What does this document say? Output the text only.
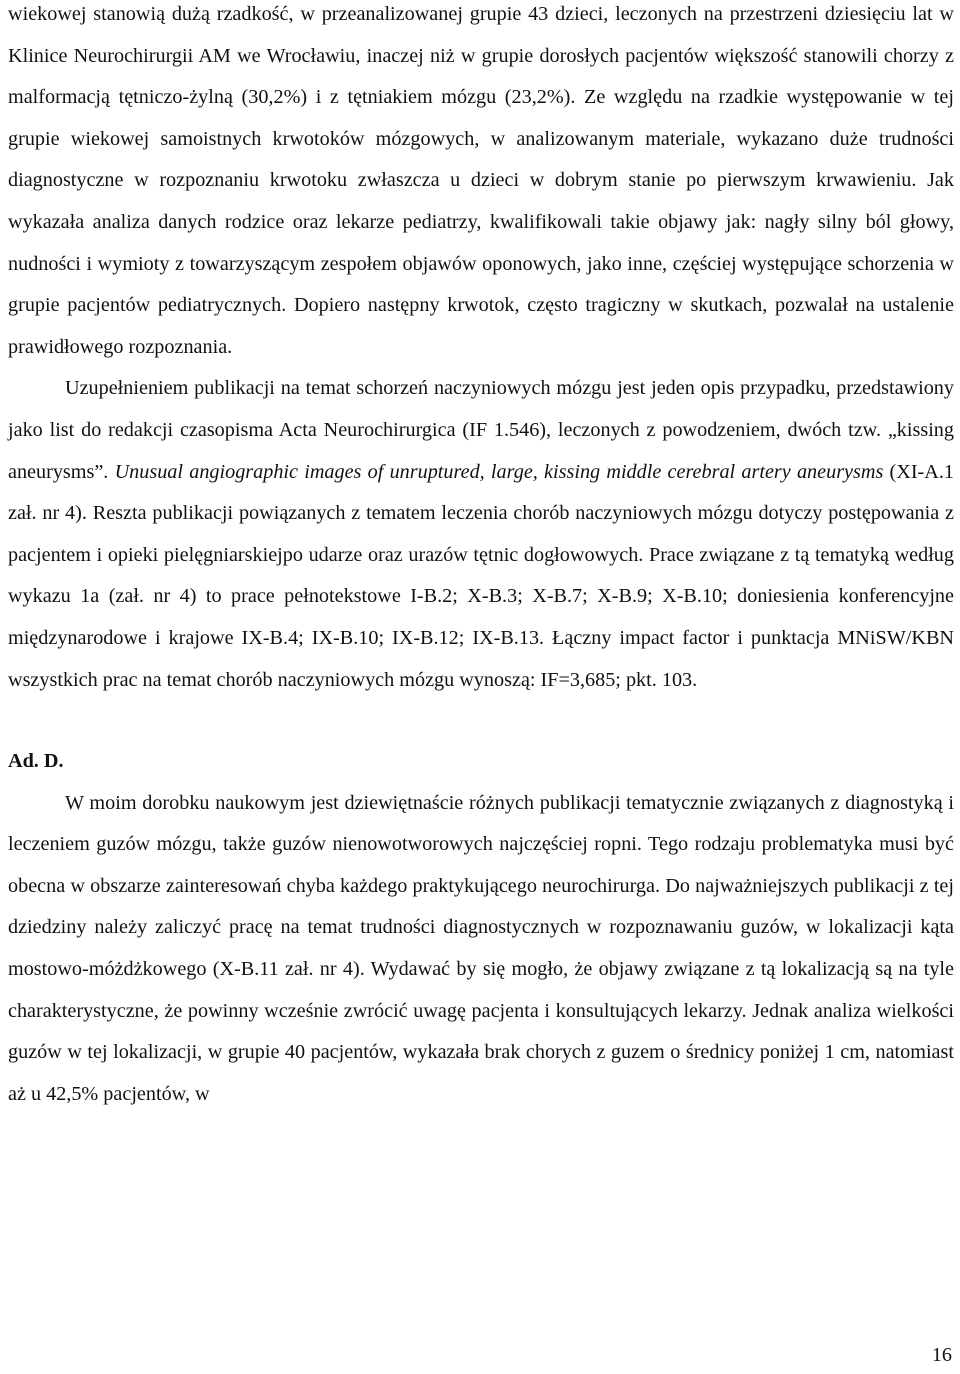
wiekowej stanowią dużą rzadkość, w przeanalizowanej grupie 43 dzieci, leczonych na przestrzeni dziesięciu lat w Klinice Neurochirurgii AM we Wrocławiu, inaczej niż w grupie dorosłych pacjentów większość stanowili chorzy z malformacją tętniczo-żylną (30,2%) i z tętniakiem mózgu (23,2%). Ze względu na rzadkie występowanie w tej grupie wiekowej samoistnych krwotoków mózgowych, w analizowanym materiale, wykazano duże trudności diagnostyczne w rozpoznaniu krwotoku zwłaszcza u dzieci w dobrym stanie po pierwszym krwawieniu. Jak wykazała analiza danych rodzice oraz lekarze pediatrzy, kwalifikowali takie objawy jak: nagły silny ból głowy, nudności i wymioty z towarzyszącym zespołem objawów oponowych, jako inne, częściej występujące schorzenia w grupie pacjentów pediatrycznych. Dopiero następny krwotok, często tragiczny w skutkach, pozwalał na ustalenie prawidłowego rozpoznania.

Uzupełnieniem publikacji na temat schorzeń naczyniowych mózgu jest jeden opis przypadku, przedstawiony jako list do redakcji czasopisma Acta Neurochirurgica (IF 1.546), leczonych z powodzeniem, dwóch tzw. „kissing aneurysms”. Unusual angiographic images of unruptured, large, kissing middle cerebral artery aneurysms (XI-A.1 zał. nr 4). Reszta publikacji powiązanych z tematem leczenia chorób naczyniowych mózgu dotyczy postępowania z pacjentem i opieki pielęgniarskiejpo udarze oraz urazów tętnic dogłowowych. Prace związane z tą tematyką według wykazu 1a (zał. nr 4) to prace pełnotekstowe I-B.2; X-B.3; X-B.7; X-B.9; X-B.10; doniesienia konferencyjne międzynarodowe i krajowe IX-B.4; IX-B.10; IX-B.12; IX-B.13. Łączny impact factor i punktacja MNiSW/KBN wszystkich prac na temat chorób naczyniowych mózgu wynoszą: IF=3,685; pkt. 103.

Ad. D.

W moim dorobku naukowym jest dziewiętnaście różnych publikacji tematycznie związanych z diagnostyką i leczeniem guzów mózgu, także guzów nienowotworowych najczęściej ropni. Tego rodzaju problematyka musi być obecna w obszarze zainteresowań chyba każdego praktykującego neurochirurga. Do najważniejszych publikacji z tej dziedziny należy zaliczyć pracę na temat trudności diagnostycznych w rozpoznawaniu guzów, w lokalizacji kąta mostowo-móżdżkowego (X-B.11 zał. nr 4). Wydawać by się mogło, że objawy związane z tą lokalizacją są na tyle charakterystyczne, że powinny wcześnie zwrócić uwagę pacjenta i konsultujących lekarzy. Jednak analiza wielkości guzów w tej lokalizacji, w grupie 40 pacjentów, wykazała brak chorych z guzem o średnicy poniżej 1 cm, natomiast aż u 42,5% pacjentów, w

16
